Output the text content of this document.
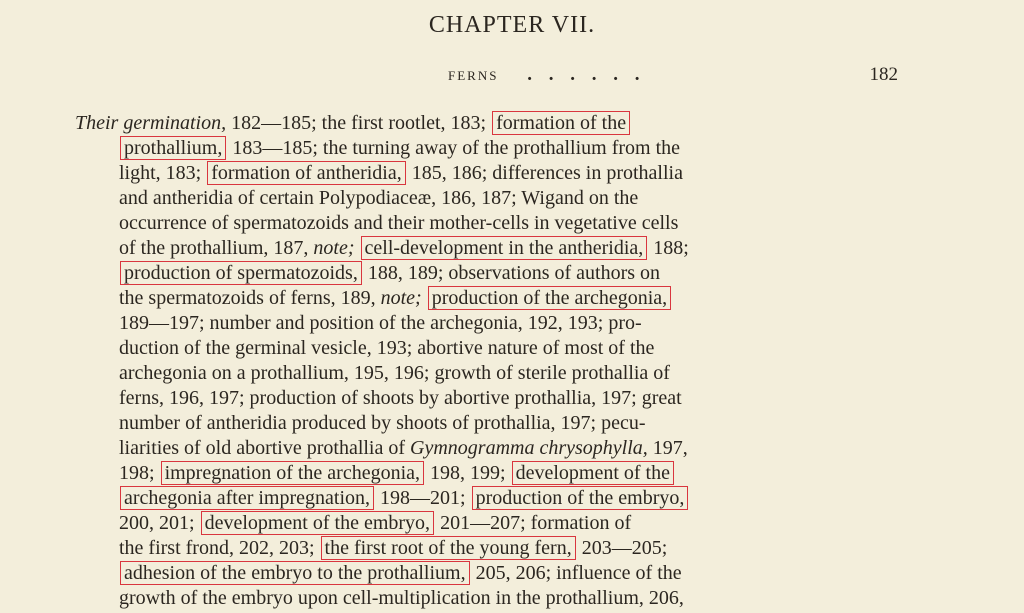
CHAPTER VII.
FERNS . . . . . .	182
Their germination, 182—185; the first rootlet, 183; formation of the
prothallium, 183—185; the turning away of the prothallium from the
light, 183; formation of antheridia, 185, 186; differences in prothallia
and antheridia of certain Polypodiaceæ, 186, 187; Wigand on the
occurrence of spermatozoids and their mother-cells in vegetative cells
of the prothallium, 187, note; cell-development in the antheridia, 188;
production of spermatozoids, 188, 189; observations of authors on
the spermatozoids of ferns, 189, note; production of the archegonia,
189—197; number and position of the archegonia, 192, 193; pro-
duction of the germinal vesicle, 193; abortive nature of most of the
archegonia on a prothallium, 195, 196; growth of sterile prothallia of
ferns, 196, 197; production of shoots by abortive prothallia, 197; great
number of antheridia produced by shoots of prothallia, 197; pecu-
liarities of old abortive prothallia of Gymnogramma chrysophylla, 197,
198; impregnation of the archegonia, 198, 199; development of the
archegonia after impregnation, 198—201; production of the embryo,
200, 201; development of the embryo, 201—207; formation of
the first frond, 202, 203; the first root of the young fern, 203—205;
adhesion of the embryo to the prothallium, 205, 206; influence of the
growth of the embryo upon cell-multiplication in the prothallium, 206,
